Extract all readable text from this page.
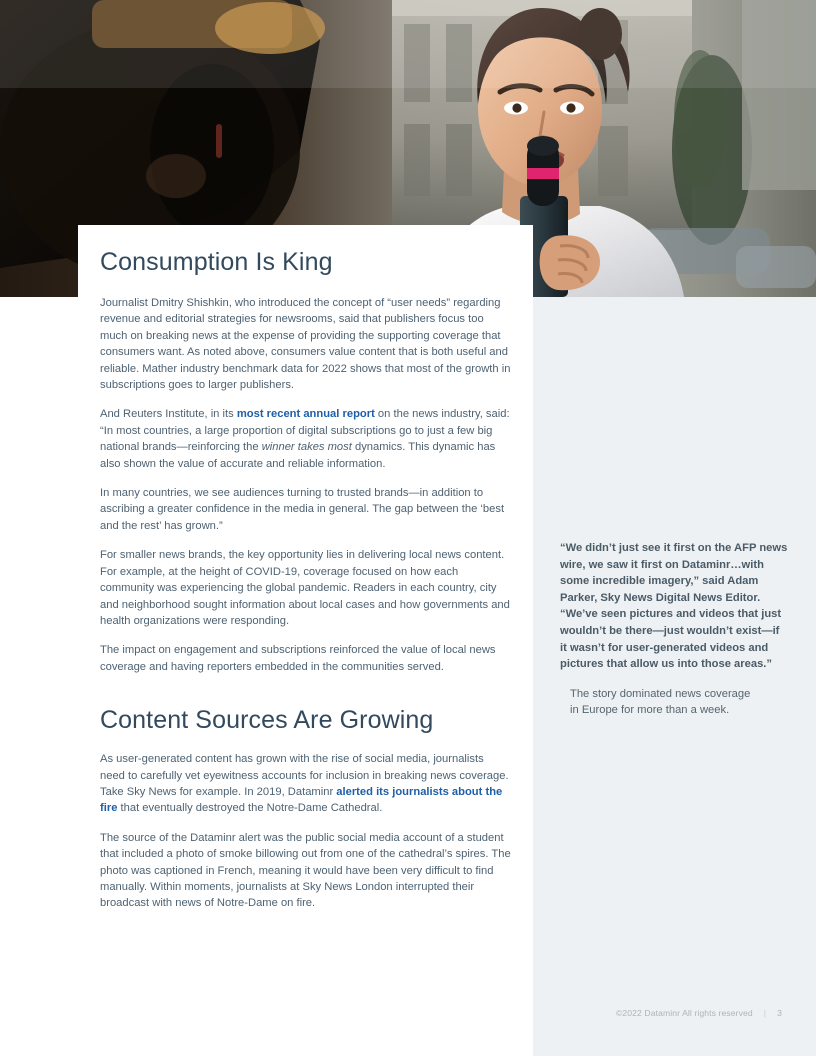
Consumption Is King

Journalist Dmitry Shishkin, who introduced the concept of “user needs” regarding revenue and editorial strategies for newsrooms, said that publishers focus too much on breaking news at the expense of providing the supporting coverage that consumers want. As noted above, consumers value content that is both useful and reliable. Mather industry benchmark data for 2022 shows that most of the growth in subscriptions goes to larger publishers.

And Reuters Institute, in its most recent annual report on the news industry, said: “In most countries, a large proportion of digital subscriptions go to just a few big national brands—reinforcing the winner takes most dynamics. This dynamic has also shown the value of accurate and reliable information.

In many countries, we see audiences turning to trusted brands—in addition to ascribing a greater confidence in the media in general. The gap between the ‘best and the rest’ has grown.”

For smaller news brands, the key opportunity lies in delivering local news content. For example, at the height of COVID-19, coverage focused on how each community was experiencing the global pandemic. Readers in each country, city and neighborhood sought information about local cases and how governments and health organizations were responding.

The impact on engagement and subscriptions reinforced the value of local news coverage and having reporters embedded in the communities served.

Content Sources Are Growing

As user-generated content has grown with the rise of social media, journalists need to carefully vet eyewitness accounts for inclusion in breaking news coverage. Take Sky News for example. In 2019, Dataminr alerted its journalists about the fire that eventually destroyed the Notre-Dame Cathedral.

The source of the Dataminr alert was the public social media account of a student that included a photo of smoke billowing out from one of the cathedral’s spires. The photo was captioned in French, meaning it would have been very difficult to find manually. Within moments, journalists at Sky News London interrupted their broadcast with news of Notre-Dame on fire.

“We didn’t just see it first on the AFP news
wire, we saw it first on Dataminr…with
some incredible imagery,” said Adam
Parker, Sky News Digital News Editor.
“We’ve seen pictures and videos that just
wouldn’t be there—just wouldn’t exist—if
it wasn’t for user-generated videos and
pictures that allow us into those areas.”
The story dominated news coverage
in Europe for more than a week.
©2022 Dataminr All rights reserved | 3
